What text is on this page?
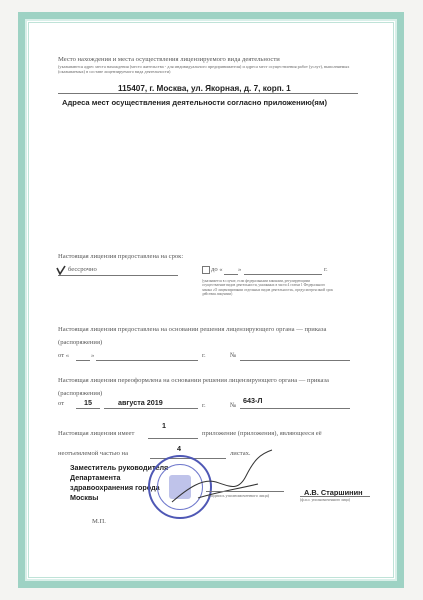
Место нахождения и места осуществления лицензируемого вида деятельности
(указываются адрес места нахождения (место жительства - для индивидуального предпринимателя) и адреса мест осуществления работ (услуг), выполняемых (оказываемых) в составе лицензируемого вида деятельности)
115407, г. Москва, ул. Якорная, д. 7, корп. 1
Адреса мест осуществления деятельности согласно приложению(ям)
Настоящая лицензия предоставлена на срок:
бессрочно	до « »	г.
(указывается в случае, если федеральными законами, регулирующими осуществление видов деятельности, указанных в части 4 статьи 1 Федерального закона «О лицензировании отдельных видов деятельности», предусмотрен иной срок действия лицензии)
Настоящая лицензия предоставлена на основании решения лицензирующего органа — приказа (распоряжения)
от «	»	г.	№
Настоящая лицензия переоформлена на основании решения лицензирующего органа — приказа (распоряжения)
от	15	августа 2019	г.	№
643-Л
Настоящая лицензия имеет
1
приложение (приложения), являющееся её
неотъемлемой частью на
4
листах.
Заместитель руководителя
Департамента
здравоохранения города
Москвы	(подпись уполномоченного лица)	А.В. Старшинин
(ф.и.о. уполномоченного лица)
М.П.
